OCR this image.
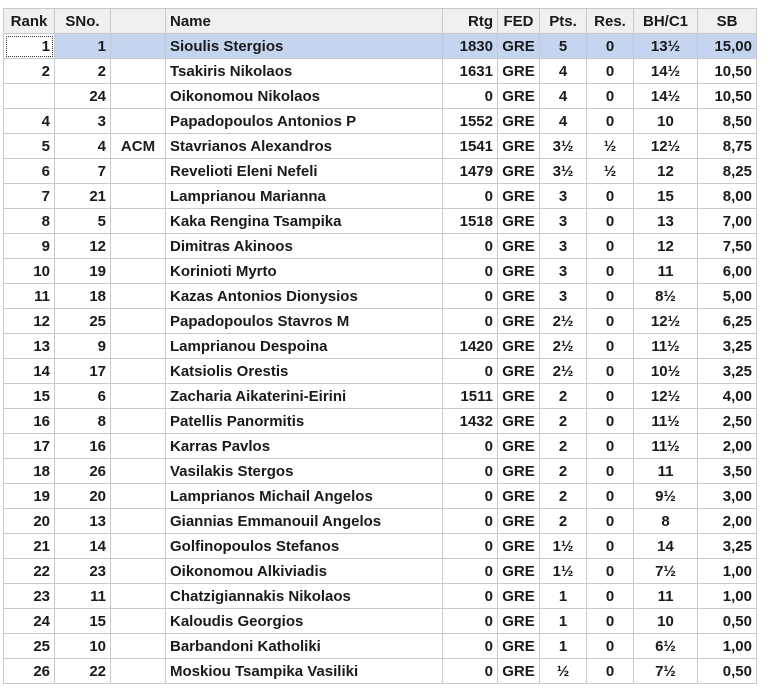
Rank	SNo.		Name	Rtg	FED	Pts.	Res.	BH/C1	SB
1	1		Sioulis Stergios	1830	GRE	5	0	13½	15,00
2	2		Tsakiris Nikolaos	1631	GRE	4	0	14½	10,50
	24		Oikonomou Nikolaos	0	GRE	4	0	14½	10,50
4	3		Papadopoulos Antonios P	1552	GRE	4	0	10	8,50
5	4	ACM	Stavrianos Alexandros	1541	GRE	3½	½	12½	8,75
6	7		Revelioti Eleni Nefeli	1479	GRE	3½	½	12	8,25
7	21		Lamprianou Marianna	0	GRE	3	0	15	8,00
8	5		Kaka Rengina Tsampika	1518	GRE	3	0	13	7,00
9	12		Dimitras Akinoos	0	GRE	3	0	12	7,50
10	19		Korinioti Myrto	0	GRE	3	0	11	6,00
11	18		Kazas Antonios Dionysios	0	GRE	3	0	8½	5,00
12	25		Papadopoulos Stavros M	0	GRE	2½	0	12½	6,25
13	9		Lamprianou Despoina	1420	GRE	2½	0	11½	3,25
14	17		Katsiolis Orestis	0	GRE	2½	0	10½	3,25
15	6		Zacharia Aikaterini-Eirini	1511	GRE	2	0	12½	4,00
16	8		Patellis Panormitis	1432	GRE	2	0	11½	2,50
17	16		Karras Pavlos	0	GRE	2	0	11½	2,00
18	26		Vasilakis Stergos	0	GRE	2	0	11	3,50
19	20		Lamprianos Michail Angelos	0	GRE	2	0	9½	3,00
20	13		Giannias Emmanouil Angelos	0	GRE	2	0	8	2,00
21	14		Golfinopoulos Stefanos	0	GRE	1½	0	14	3,25
22	23		Oikonomou Alkiviadis	0	GRE	1½	0	7½	1,00
23	11		Chatzigiannakis Nikolaos	0	GRE	1	0	11	1,00
24	15		Kaloudis Georgios	0	GRE	1	0	10	0,50
25	10		Barbandoni Katholiki	0	GRE	1	0	6½	1,00
26	22		Moskiou Tsampika Vasiliki	0	GRE	½	0	7½	0,50
